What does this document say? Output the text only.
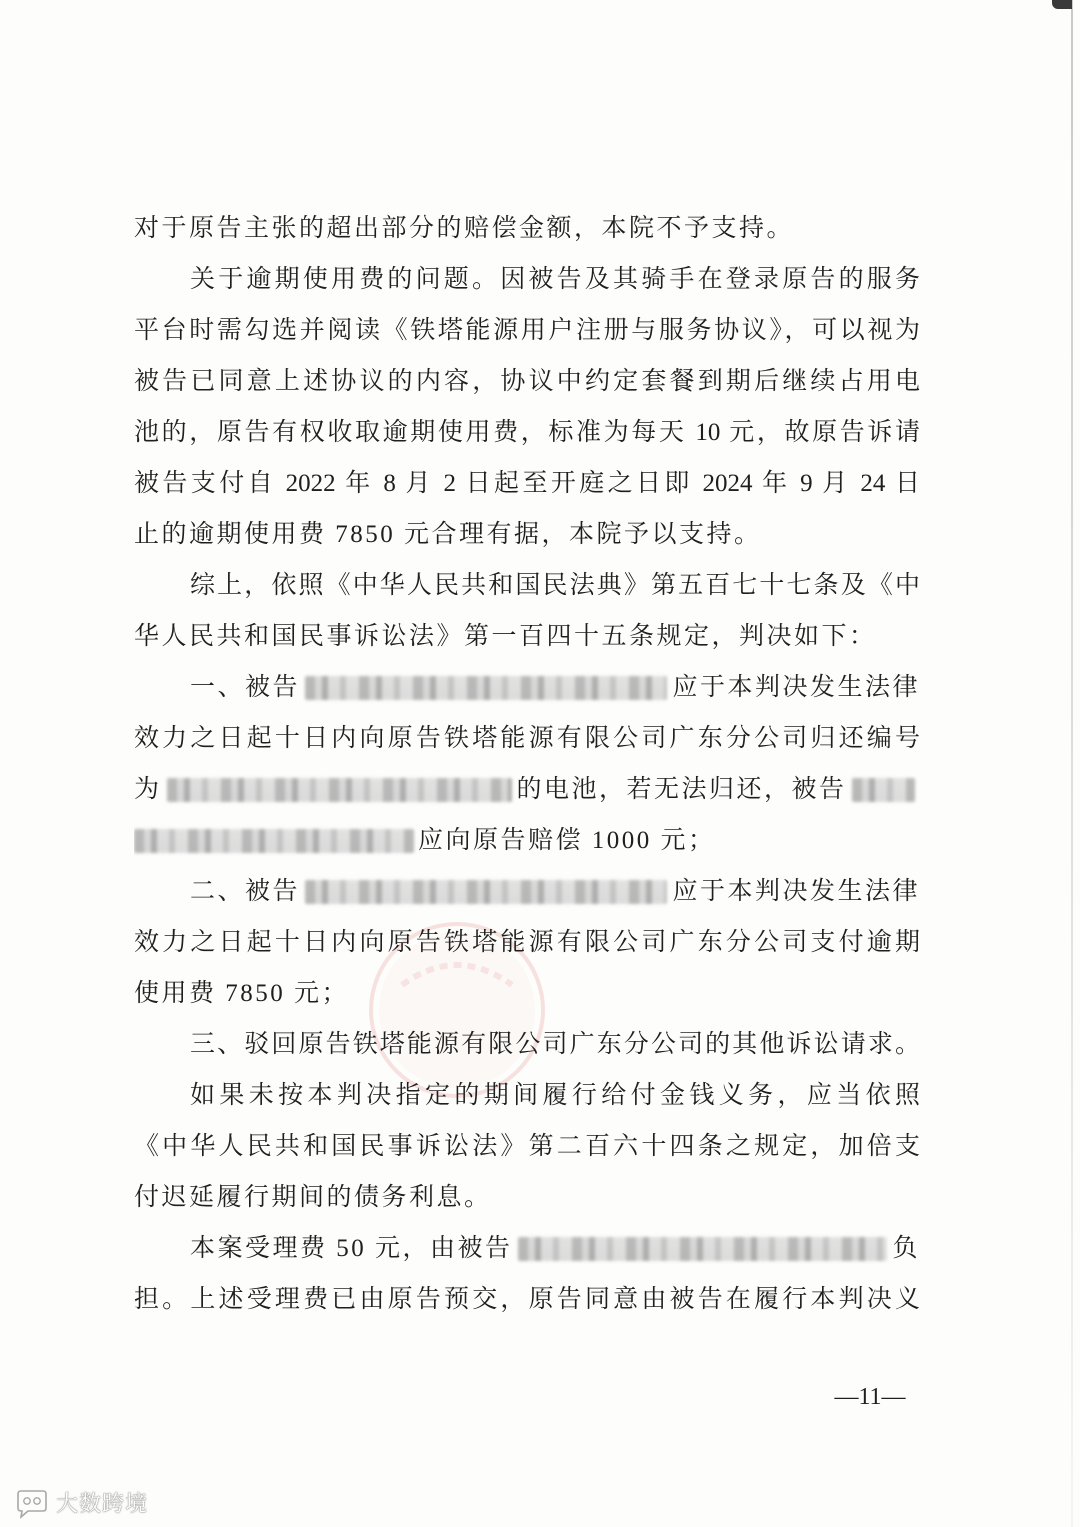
对于原告主张的超出部分的赔偿金额，本院不予支持。
关于逾期使用费的问题。因被告及其骑手在登录原告的服务
平台时需勾选并阅读《铁塔能源用户注册与服务协议》，可以视为
被告已同意上述协议的内容，协议中约定套餐到期后继续占用电
池的，原告有权收取逾期使用费，标准为每天 10 元，故原告诉请
被告支付自 2022 年 8 月 2 日起至开庭之日即 2024 年 9 月 24 日
止的逾期使用费 7850 元合理有据，本院予以支持。
综上，依照《中华人民共和国民法典》第五百七十七条及《中
华人民共和国民事诉讼法》第一百四十五条规定，判决如下：
一、被告	应于本判决发生法律
效力之日起十日内向原告铁塔能源有限公司广东分公司归还编号
为	的电池，若无法归还，被告
应向原告赔偿 1000 元；
二、被告	应于本判决发生法律
效力之日起十日内向原告铁塔能源有限公司广东分公司支付逾期
使用费 7850 元；
三、驳回原告铁塔能源有限公司广东分公司的其他诉讼请求。
如果未按本判决指定的期间履行给付金钱义务，应当依照
《中华人民共和国民事诉讼法》第二百六十四条之规定，加倍支
付迟延履行期间的债务利息。
本案受理费 50 元，由被告	负
担。上述受理费已由原告预交，原告同意由被告在履行本判决义
—11—
大数跨境
